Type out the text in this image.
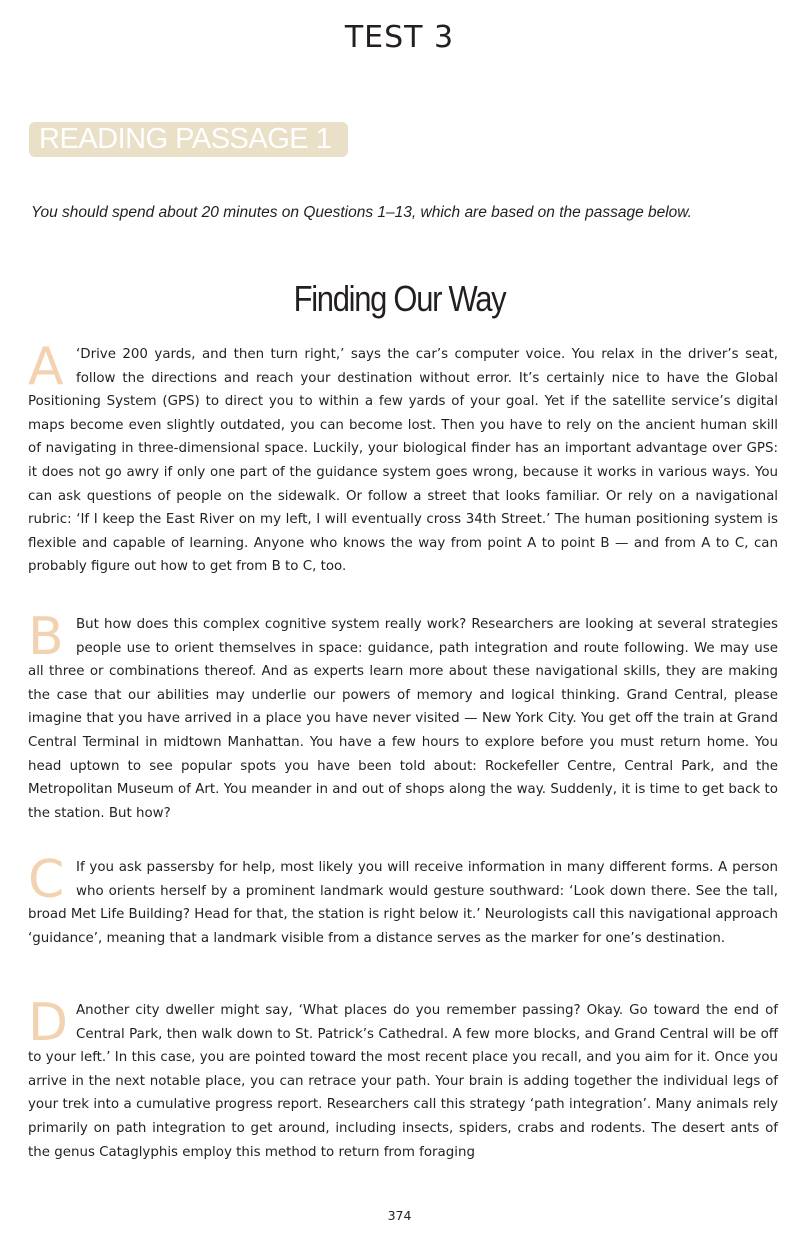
TEST 3
READING PASSAGE 1
You should spend about 20 minutes on Questions 1–13, which are based on the passage below.
Finding Our Way
A ‘Drive 200 yards, and then turn right,’ says the car’s computer voice. You relax in the driver’s seat, follow the directions and reach your destination without error. It’s certainly nice to have the Global Positioning System (GPS) to direct you to within a few yards of your goal. Yet if the satellite service’s digital maps become even slightly outdated, you can become lost. Then you have to rely on the ancient human skill of navigating in three-dimensional space. Luckily, your biological finder has an important advantage over GPS: it does not go awry if only one part of the guidance system goes wrong, because it works in various ways. You can ask questions of people on the sidewalk. Or follow a street that looks familiar. Or rely on a navigational rubric: ‘If I keep the East River on my left, I will eventually cross 34th Street.’ The human positioning system is flexible and capable of learning. Anyone who knows the way from point A to point B — and from A to C, can probably figure out how to get from B to C, too.
B But how does this complex cognitive system really work? Researchers are looking at several strategies people use to orient themselves in space: guidance, path integration and route following. We may use all three or combinations thereof. And as experts learn more about these navigational skills, they are making the case that our abilities may underlie our powers of memory and logical thinking. Grand Central, please imagine that you have arrived in a place you have never visited — New York City. You get off the train at Grand Central Terminal in midtown Manhattan. You have a few hours to explore before you must return home. You head uptown to see popular spots you have been told about: Rockefeller Centre, Central Park, and the Metropolitan Museum of Art. You meander in and out of shops along the way. Suddenly, it is time to get back to the station. But how?
C If you ask passersby for help, most likely you will receive information in many different forms. A person who orients herself by a prominent landmark would gesture southward: ‘Look down there. See the tall, broad Met Life Building? Head for that, the station is right below it.’ Neurologists call this navigational approach ‘guidance’, meaning that a landmark visible from a distance serves as the marker for one’s destination.
D Another city dweller might say, ‘What places do you remember passing? Okay. Go toward the end of Central Park, then walk down to St. Patrick’s Cathedral. A few more blocks, and Grand Central will be off to your left.’ In this case, you are pointed toward the most recent place you recall, and you aim for it. Once you arrive in the next notable place, you can retrace your path. Your brain is adding together the individual legs of your trek into a cumulative progress report. Researchers call this strategy ‘path integration’. Many animals rely primarily on path integration to get around, including insects, spiders, crabs and rodents. The desert ants of the genus Cataglyphis employ this method to return from foraging
374
